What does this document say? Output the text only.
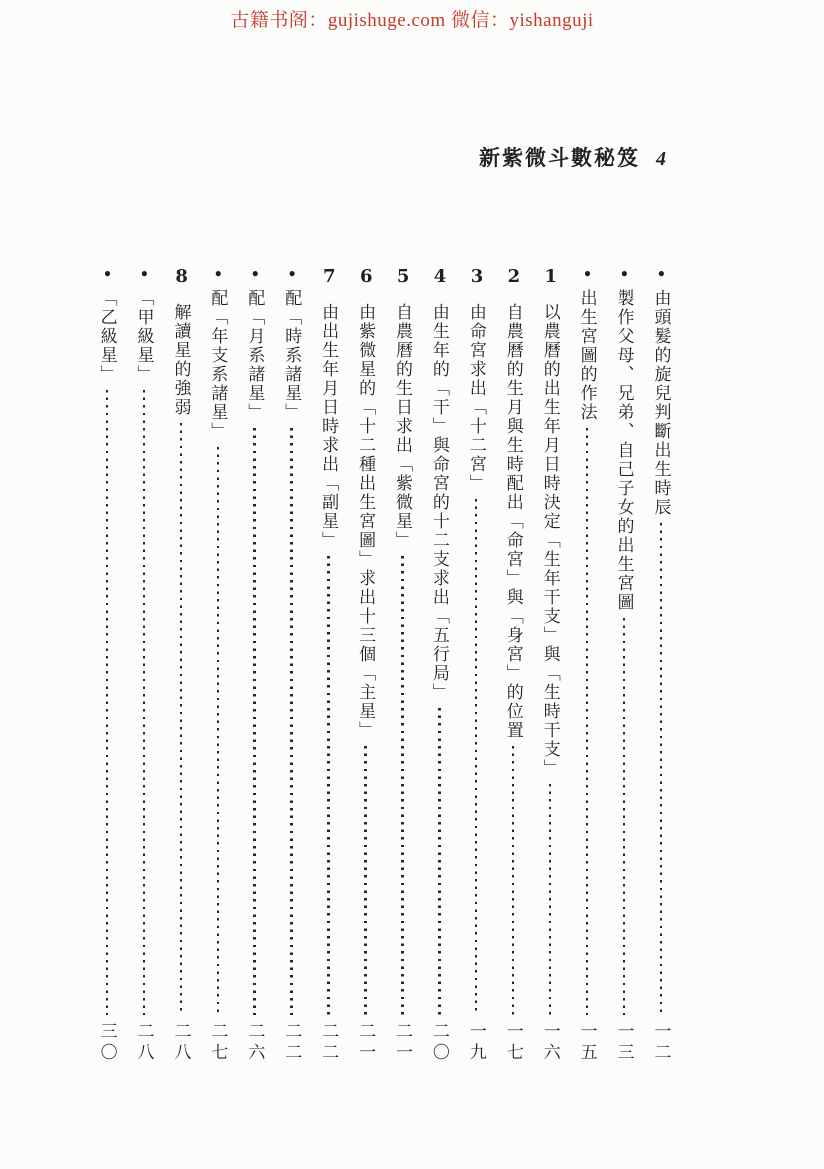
古籍书阁：gujishuge.com 微信：yishanguji
新紫微斗數秘笈 4
●
由頭髮的旋兒判斷出生時辰
一二
●
製作父母、兄弟、自己子女的出生宮圖
一三
●
出生宮圖的作法
一五
1
以農曆的出生年月日時決定「生年干支」與「生時干支」
一六
2
自農曆的生月與生時配出「命宮」與「身宮」的位置
一七
3
由命宮求出「十二宮」
一九
4
由生年的「干」與命宮的十二支求出「五行局」
二〇
5
自農曆的生日求出「紫微星」
二一
6
由紫微星的「十二種出生宮圖」求出十三個「主星」
二一
7
由出生年月日時求出「副星」
二二
●
配「時系諸星」
二二
●
配「月系諸星」
二六
●
配「年支系諸星」
二七
8
解讀星的強弱
二八
●
「甲級星」
二八
●
「乙級星」
三〇
